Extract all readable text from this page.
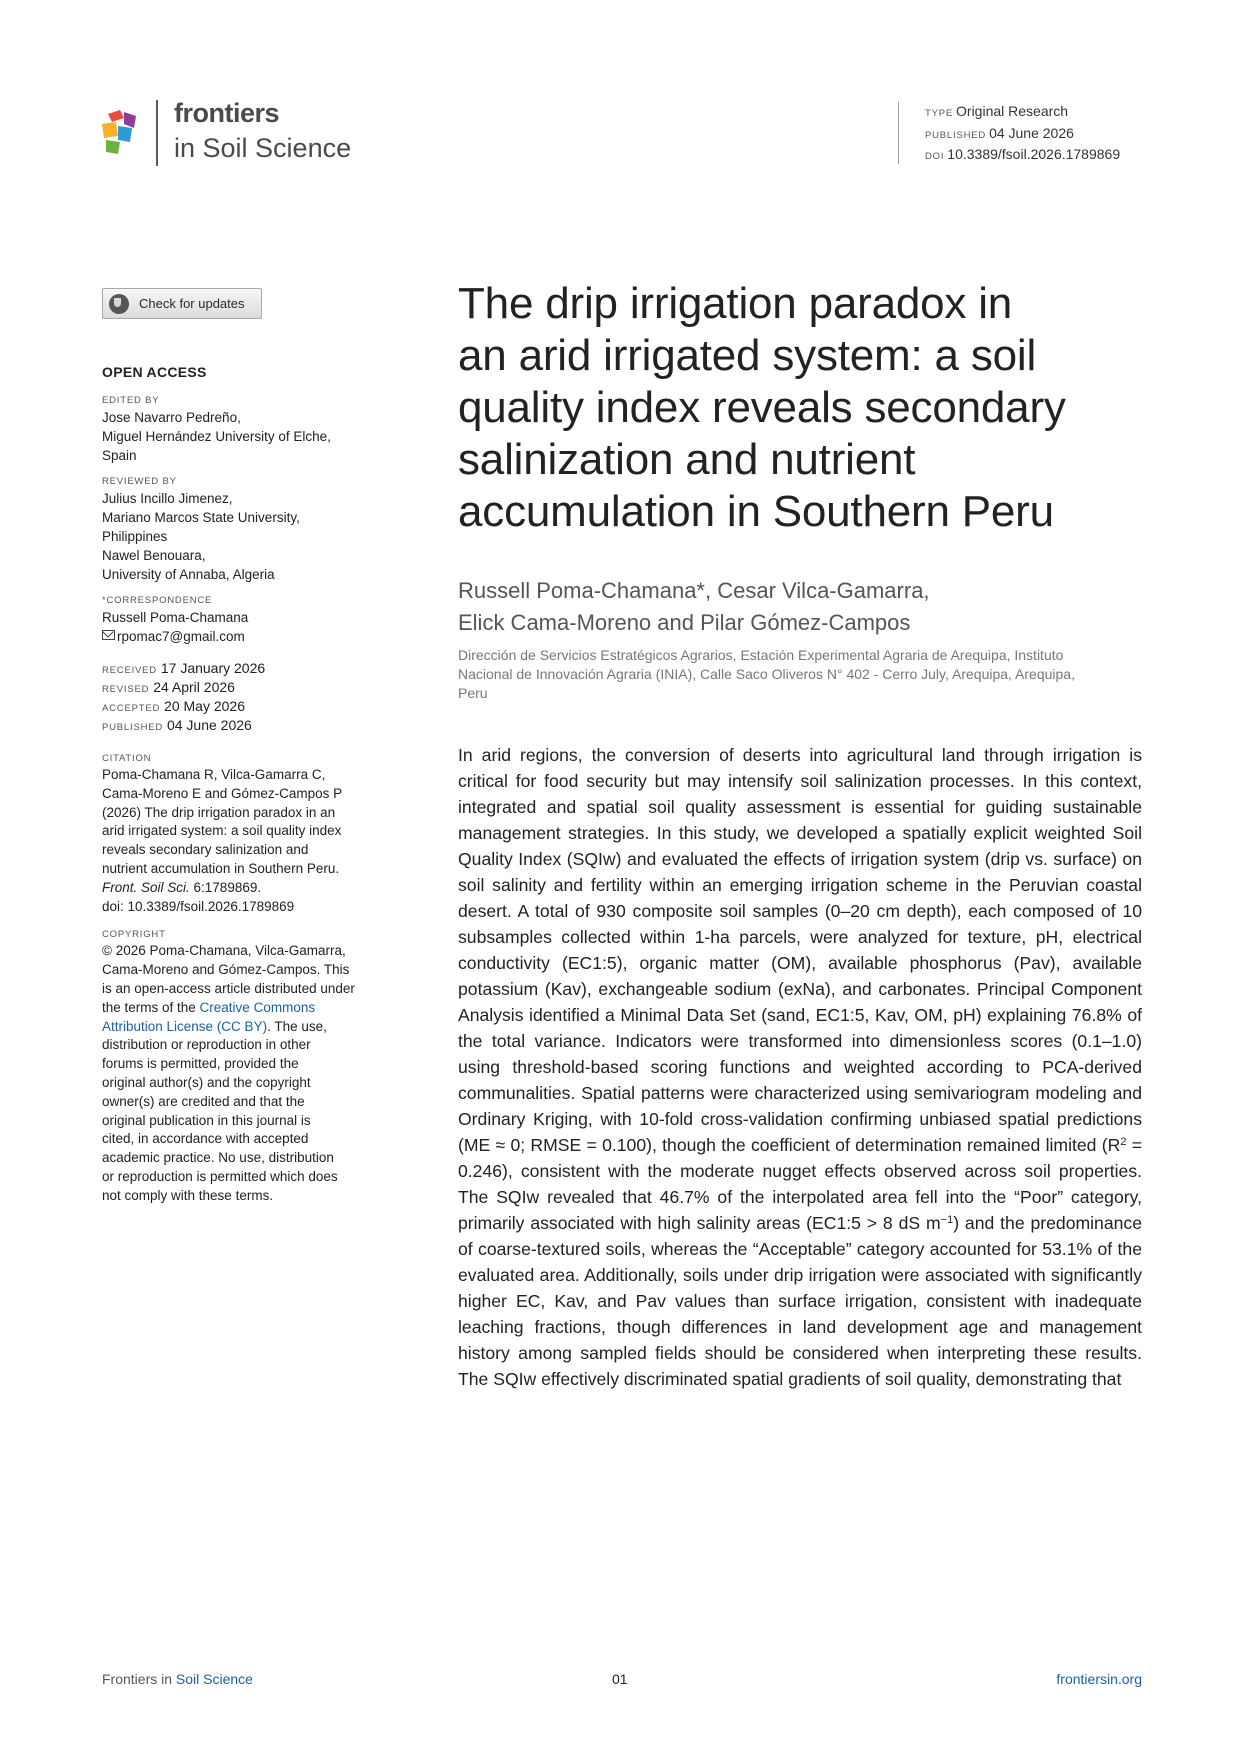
frontiers
in Soil Science
TYPE Original Research
PUBLISHED 04 June 2026
DOI 10.3389/fsoil.2026.1789869
Check for updates
OPEN ACCESS
EDITED BY
Jose Navarro Pedreño,
Miguel Hernández University of Elche,
Spain
REVIEWED BY
Julius Incillo Jimenez,
Mariano Marcos State University,
Philippines
Nawel Benouara,
University of Annaba, Algeria
*CORRESPONDENCE
Russell Poma-Chamana
rpomac7@gmail.com
RECEIVED 17 January 2026
REVISED 24 April 2026
ACCEPTED 20 May 2026
PUBLISHED 04 June 2026
CITATION
Poma-Chamana R, Vilca-Gamarra C,
Cama-Moreno E and Gómez-Campos P
(2026) The drip irrigation paradox in an
arid irrigated system: a soil quality index
reveals secondary salinization and
nutrient accumulation in Southern Peru.
Front. Soil Sci. 6:1789869.
doi: 10.3389/fsoil.2026.1789869
COPYRIGHT
© 2026 Poma-Chamana, Vilca-Gamarra,
Cama-Moreno and Gómez-Campos. This
is an open-access article distributed under
the terms of the Creative Commons
Attribution License (CC BY). The use,
distribution or reproduction in other
forums is permitted, provided the
original author(s) and the copyright
owner(s) are credited and that the
original publication in this journal is
cited, in accordance with accepted
academic practice. No use, distribution
or reproduction is permitted which does
not comply with these terms.
The drip irrigation paradox in
an arid irrigated system: a soil
quality index reveals secondary
salinization and nutrient
accumulation in Southern Peru
Russell Poma-Chamana*, Cesar Vilca-Gamarra,
Elick Cama-Moreno and Pilar Gómez-Campos
Dirección de Servicios Estratégicos Agrarios, Estación Experimental Agraria de Arequipa, Instituto Nacional de Innovación Agraria (INIA), Calle Saco Oliveros N° 402 - Cerro July, Arequipa, Arequipa, Peru
In arid regions, the conversion of deserts into agricultural land through irrigation is critical for food security but may intensify soil salinization processes. In this context, integrated and spatial soil quality assessment is essential for guiding sustainable management strategies. In this study, we developed a spatially explicit weighted Soil Quality Index (SQIw) and evaluated the effects of irrigation system (drip vs. surface) on soil salinity and fertility within an emerging irrigation scheme in the Peruvian coastal desert. A total of 930 composite soil samples (0–20 cm depth), each composed of 10 subsamples collected within 1-ha parcels, were analyzed for texture, pH, electrical conductivity (EC1:5), organic matter (OM), available phosphorus (Pav), available potassium (Kav), exchangeable sodium (exNa), and carbonates. Principal Component Analysis identified a Minimal Data Set (sand, EC1:5, Kav, OM, pH) explaining 76.8% of the total variance. Indicators were transformed into dimensionless scores (0.1–1.0) using threshold-based scoring functions and weighted according to PCA-derived communalities. Spatial patterns were characterized using semivariogram modeling and Ordinary Kriging, with 10-fold cross-validation confirming unbiased spatial predictions (ME ≈ 0; RMSE = 0.100), though the coefficient of determination remained limited $(R^2 = 0.246)$, consistent with the moderate nugget effects observed across soil properties. The SQIw revealed that 46.7% of the interpolated area fell into the “Poor” category, primarily associated with high salinity areas (EC1:5 > 8 dS $m^{-1}$) and the predominance of coarse-textured soils, whereas the “Acceptable” category accounted for 53.1% of the evaluated area. Additionally, soils under drip irrigation were associated with significantly higher EC, Kav, and Pav values than surface irrigation, consistent with inadequate leaching fractions, though differences in land development age and management history among sampled fields should be considered when interpreting these results. The SQIw effectively discriminated spatial gradients of soil quality, demonstrating that
Frontiers in Soil Science	01	frontiersin.org
